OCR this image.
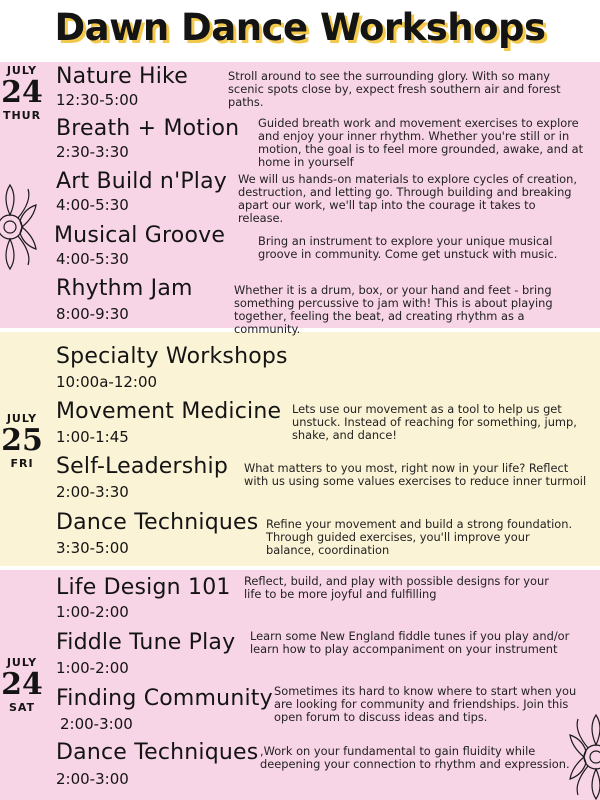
Dawn Dance Workshops
JULY
24
THUR
JULY
25
FRI
JULY
24
SAT
Nature Hike
12:30-5:00
Stroll around to see the surrounding glory. With so many scenic spots close by, expect fresh southern air and forest paths.
Breath + Motion
2:30-3:30
Guided breath work and movement exercises to explore and enjoy your inner rhythm. Whether you're still or in motion, the goal is to feel more grounded, awake, and at home in yourself
Art Build n'Play
4:00-5:30
We will us hands-on materials to explore cycles of creation, destruction, and letting go. Through building and breaking apart our work, we'll tap into the courage it takes to release.
Musical Groove
4:00-5:30
Bring an instrument to explore your unique musical groove in community. Come get unstuck with music.
Rhythm Jam
8:00-9:30
Whether it is a drum, box, or your hand and feet - bring something percussive to jam with! This is about playing together, feeling the beat, ad creating rhythm as a community.
Specialty Workshops
10:00a-12:00
Movement Medicine
1:00-1:45
Lets use our movement as a tool to help us get unstuck. Instead of reaching for something, jump, shake, and dance!
Self-Leadership
2:00-3:30
What matters to you most, right now in your life? Reflect with us using some values exercises to reduce inner turmoil
Dance Techniques
3:30-5:00
Refine your movement and build a strong foundation. Through guided exercises, you'll improve your balance, coordination
Life Design 101
1:00-2:00
Reflect, build, and play with possible designs for your life to be more joyful and fulfilling
Fiddle Tune Play
1:00-2:00
Learn some New England fiddle tunes if you play and/or learn how to play accompaniment on your instrument
Finding Community
2:00-3:00
Sometimes its hard to know where to start when you are looking for community and friendships. Join this open forum to discuss ideas and tips.
Dance Techniques
2:00-3:00
,Work on your fundamental to gain fluidity while deepening your connection to rhythm and expression.
